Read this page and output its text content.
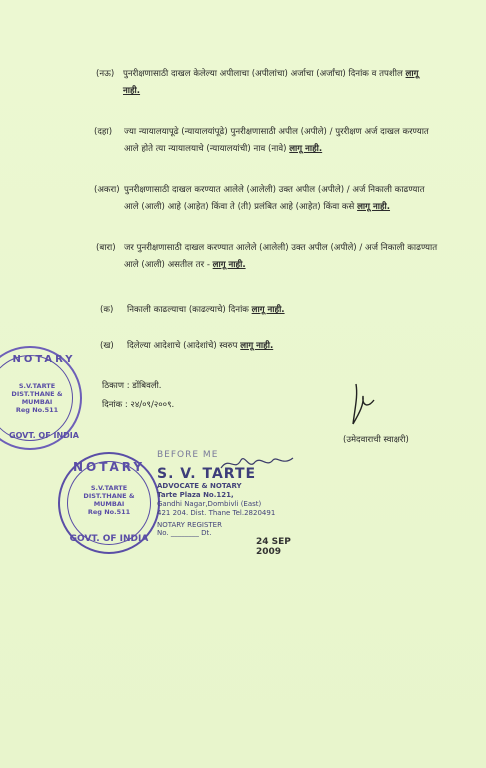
(नऊ) पुनरीक्षणासाठी दाखल केलेल्या अपीलाचा (अपीलांचा) अर्जाचा (अर्जांचा) दिनांक व तपशील लागू
नाही.
(दहा) ज्या न्यायालयापूढे (न्यायालयांपूढे) पुनरीक्षणासाठी अपील (अपीले) / पुररीक्षण अर्ज दाखल करण्यात
आले होते त्या न्यायालयाचे (न्यायालयांची) नाव (नावे) लागू नाही.
(अकरा) पुनरीक्षणासाठी दाखल करण्यात आलेले (आलेली) उक्त अपील (अपीले) / अर्ज निकाली काढण्यात
आले (आली) आहे (आहेत) किंवा ते (ती) प्रलंबित आहे (आहेत) किंवा कसे लागू नाही.
(बारा) जर पुनरीक्षणासाठी दाखल करण्यात आलेले (आलेली) उक्त अपील (अपीले) / अर्ज निकाली काढण्यात
आले (आली) असतील तर - लागू नाही.
(क) निकाली काढल्याचा (काढल्याचे) दिनांक लागू नाही.
(ख) दिलेल्या आदेशाचे (आदेशांचे) स्वरुप लागू नाही.
ठिकाण : डोंबिवली.
दिनांक : २४/०९/२००९.
(उमेदवाराची स्वाक्षरी)
NOTARY
S.V.TARTE
DIST.THANE &
MUMBAI
Reg No.511
GOVT. OF INDIA
NOTARY
S.V.TARTE
DIST.THANE &
MUMBAI
Reg No.511
GOVT. OF INDIA
BEFORE ME
S. V. TARTE
ADVOCATE & NOTARY
Tarte Plaza No.121,
Gandhi Nagar,Dombivli (East)
421 204. Dist. Thane Tel.2820491
NOTARY REGISTER
No. ________ Dt.
24 SEP 2009
